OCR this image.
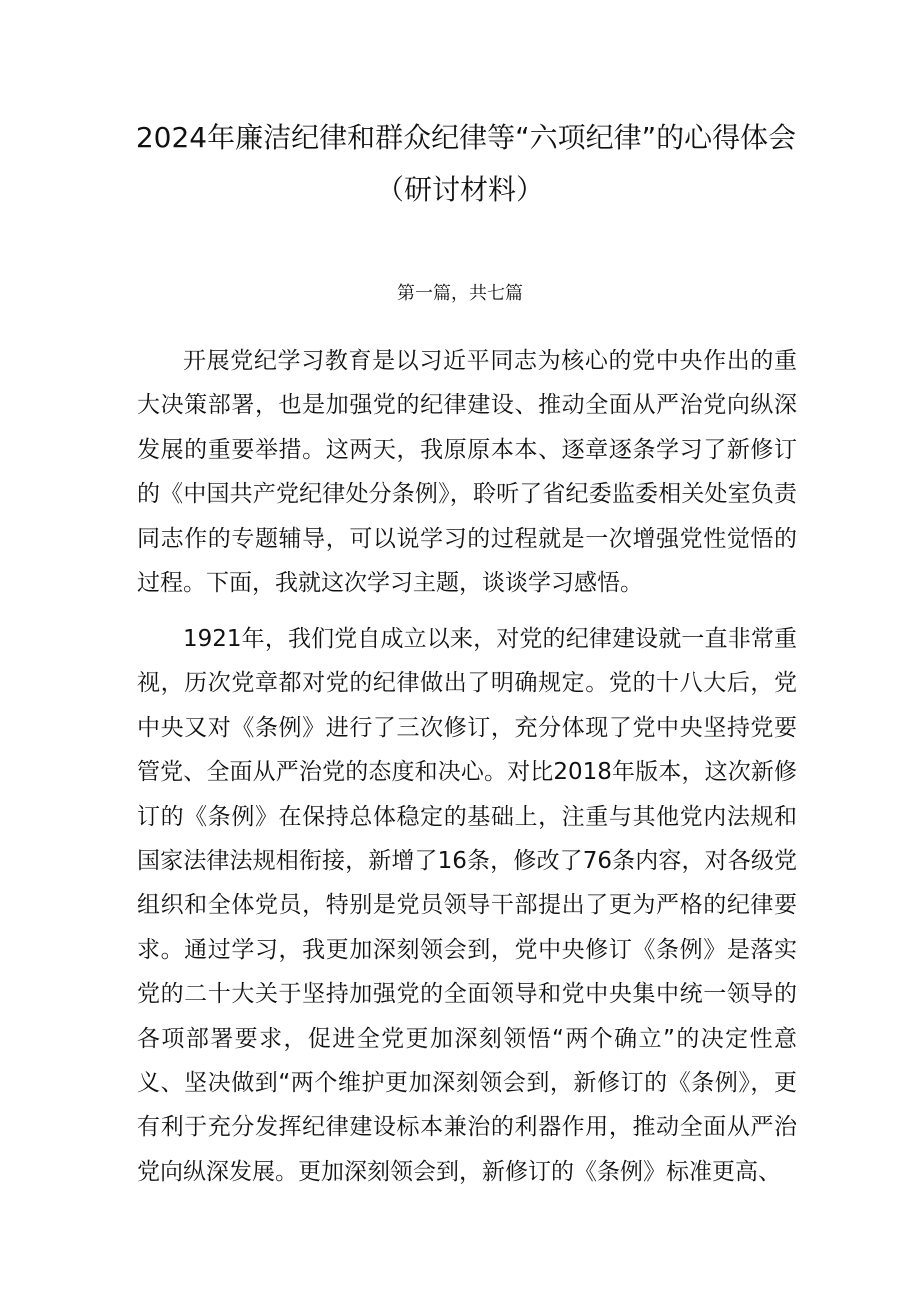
2024年廉洁纪律和群众纪律等“六项纪律”的心得体会
（研讨材料）

第一篇，共七篇

开展党纪学习教育是以习近平同志为核心的党中央作出的重大决策部署，也是加强党的纪律建设、推动全面从严治党向纵深发展的重要举措。这两天，我原原本本、逐章逐条学习了新修订的《中国共产党纪律处分条例》，聆听了省纪委监委相关处室负责同志作的专题辅导，可以说学习的过程就是一次增强党性觉悟的过程。下面，我就这次学习主题，谈谈学习感悟。

1921年，我们党自成立以来，对党的纪律建设就一直非常重视，历次党章都对党的纪律做出了明确规定。党的十八大后，党中央又对《条例》进行了三次修订，充分体现了党中央坚持党要管党、全面从严治党的态度和决心。对比2018年版本，这次新修订的《条例》在保持总体稳定的基础上，注重与其他党内法规和国家法律法规相衔接，新增了16条，修改了76条内容，对各级党组织和全体党员，特别是党员领导干部提出了更为严格的纪律要求。通过学习，我更加深刻领会到，党中央修订《条例》是落实党的二十大关于坚持加强党的全面领导和党中央集中统一领导的各项部署要求，促进全党更加深刻领悟“两个确立”的决定性意义、坚决做到“两个维护更加深刻领会到，新修订的《条例》，更有利于充分发挥纪律建设标本兼治的利器作用，推动全面从严治党向纵深发展。更加深刻领会到，新修订的《条例》标准更高、
